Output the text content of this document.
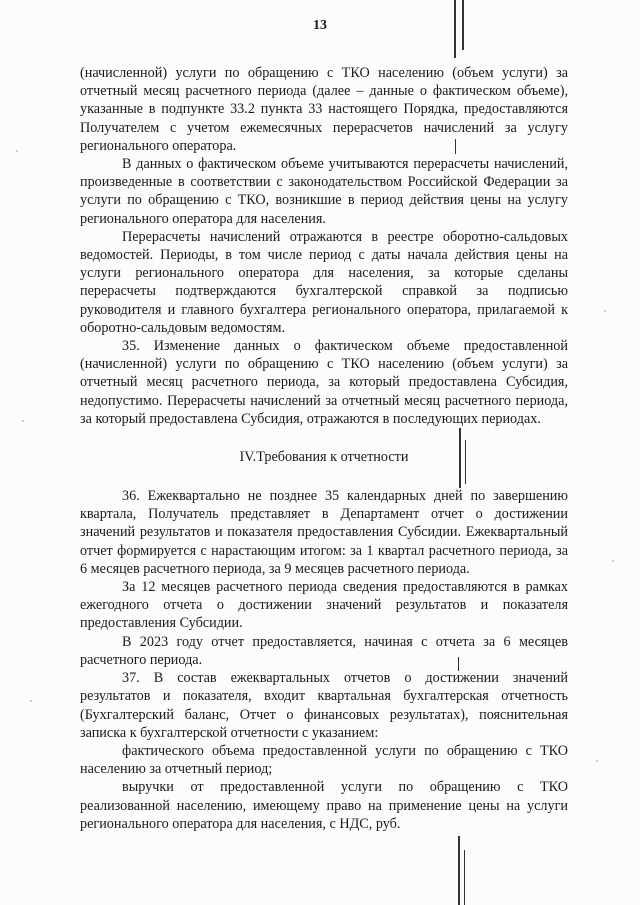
13

(начисленной) услуги по обращению с ТКО населению (объем услуги) за отчетный месяц расчетного периода (далее – данные о фактическом объеме), указанные в подпункте 33.2 пункта 33 настоящего Порядка, предоставляются Получателем с учетом ежемесячных перерасчетов начислений за услугу регионального оператора.

В данных о фактическом объеме учитываются перерасчеты начислений, произведенные в соответствии с законодательством Российской Федерации за услуги по обращению с ТКО, возникшие в период действия цены на услугу регионального оператора для населения.

Перерасчеты начислений отражаются в реестре оборотно-сальдовых ведомостей. Периоды, в том числе период с даты начала действия цены на услуги регионального оператора для населения, за которые сделаны перерасчеты подтверждаются бухгалтерской справкой за подписью руководителя и главного бухгалтера регионального оператора, прилагаемой к оборотно-сальдовым ведомостям.

35. Изменение данных о фактическом объеме предоставленной (начисленной) услуги по обращению с ТКО населению (объем услуги) за отчетный месяц расчетного периода, за который предоставлена Субсидия, недопустимо. Перерасчеты начислений за отчетный месяц расчетного периода, за который предоставлена Субсидия, отражаются в последующих периодах.

IV.Требования к отчетности

36. Ежеквартально не позднее 35 календарных дней по завершению квартала, Получатель представляет в Департамент отчет о достижении значений результатов и показателя предоставления Субсидии. Ежеквартальный отчет формируется с нарастающим итогом: за 1 квартал расчетного периода, за 6 месяцев расчетного периода, за 9 месяцев расчетного периода.

За 12 месяцев расчетного периода сведения предоставляются в рамках ежегодного отчета о достижении значений результатов и показателя предоставления Субсидии.

В 2023 году отчет предоставляется, начиная с отчета за 6 месяцев расчетного периода.

37. В состав ежеквартальных отчетов о достижении значений результатов и показателя, входит квартальная бухгалтерская отчетность (Бухгалтерский баланс, Отчет о финансовых результатах), пояснительная записка к бухгалтерской отчетности с указанием:

фактического объема предоставленной услуги по обращению с ТКО населению за отчетный период;

выручки от предоставленной услуги по обращению с ТКО реализованной населению, имеющему право на применение цены на услуги регионального оператора для населения, с НДС, руб.
